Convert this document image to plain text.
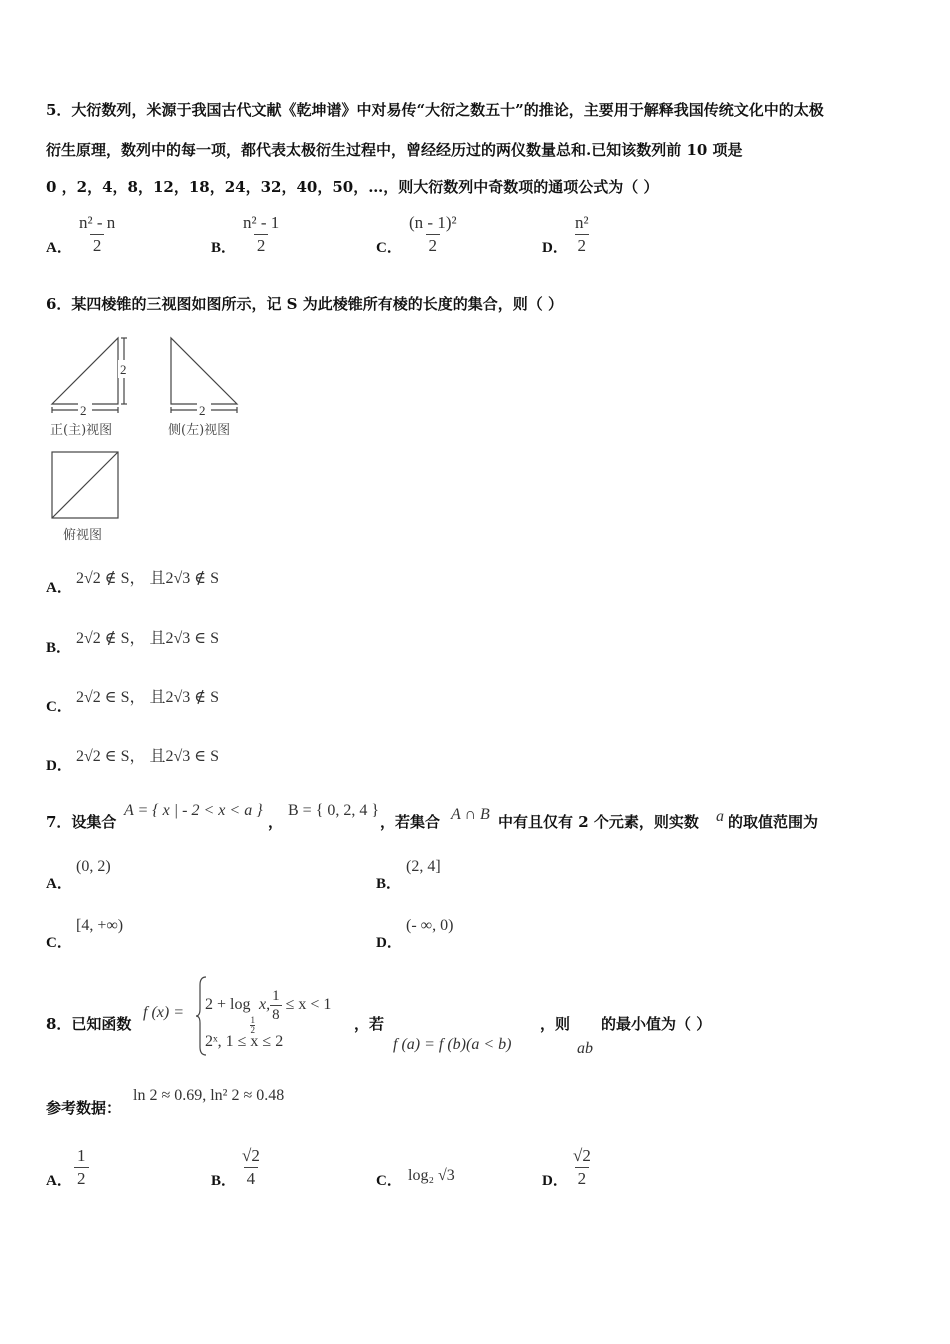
5．大衍数列，米源于我国古代文献《乾坤谱》中对易传“大衍之数五十”的推论，主要用于解释我国传统文化中的太极
衍生原理，数列中的每一项，都代表太极衍生过程中，曾经经历过的两仪数量总和.已知该数列前 10 项是
0 ，2，4，8，12，18，24，32，40，50，…，则大衍数列中奇数项的通项公式为（ ）
A． $\frac{\text{n² - n}}{2}$	B． $\frac{\text{n² - 1}}{2}$	C． $\frac{\text{(n - 1)²}}{2}$	D． $\frac{\text{n²}}{2}$
6．某四棱锥的三视图如图所示，记 S 为此棱锥所有棱的长度的集合，则（ ）
2
2	2
正(主)视图	侧(左)视图
俯视图
A．
2√2 ∉ S， 且2√3 ∉ S
B．
2√2 ∉ S， 且2√3 ∈ S
C．
2√2 ∈ S， 且2√3 ∉ S
D．
2√2 ∈ S， 且2√3 ∈ S
7．设集合
A = { x | - 2 < x < a }
，
B = { 0, 2, 4 }
，若集合 A ∩ B 中有且仅有 2 个元素，则实数 a 的取值范围为
A．
(0, 2)
B．
(2, 4]
C．
[4, +∞)
D．
(- ∞, 0)
8．已知函数
f (x) = 2 + log
$\frac{1}{2}$
x, $\frac{1}{8} \le x < 1$
2ˣ, 1 ≤ x ≤ 2
，若
f (a) = f (b)(a < b)
，则
ab
的最小值为（ ）
参考数据：
ln 2 ≈ 0.69, ln² 2 ≈ 0.48
A． $\frac{1}{2}$	B． $\frac{√2}{4}$	C． log₂ √3	D． $\frac{√2}{2}$
